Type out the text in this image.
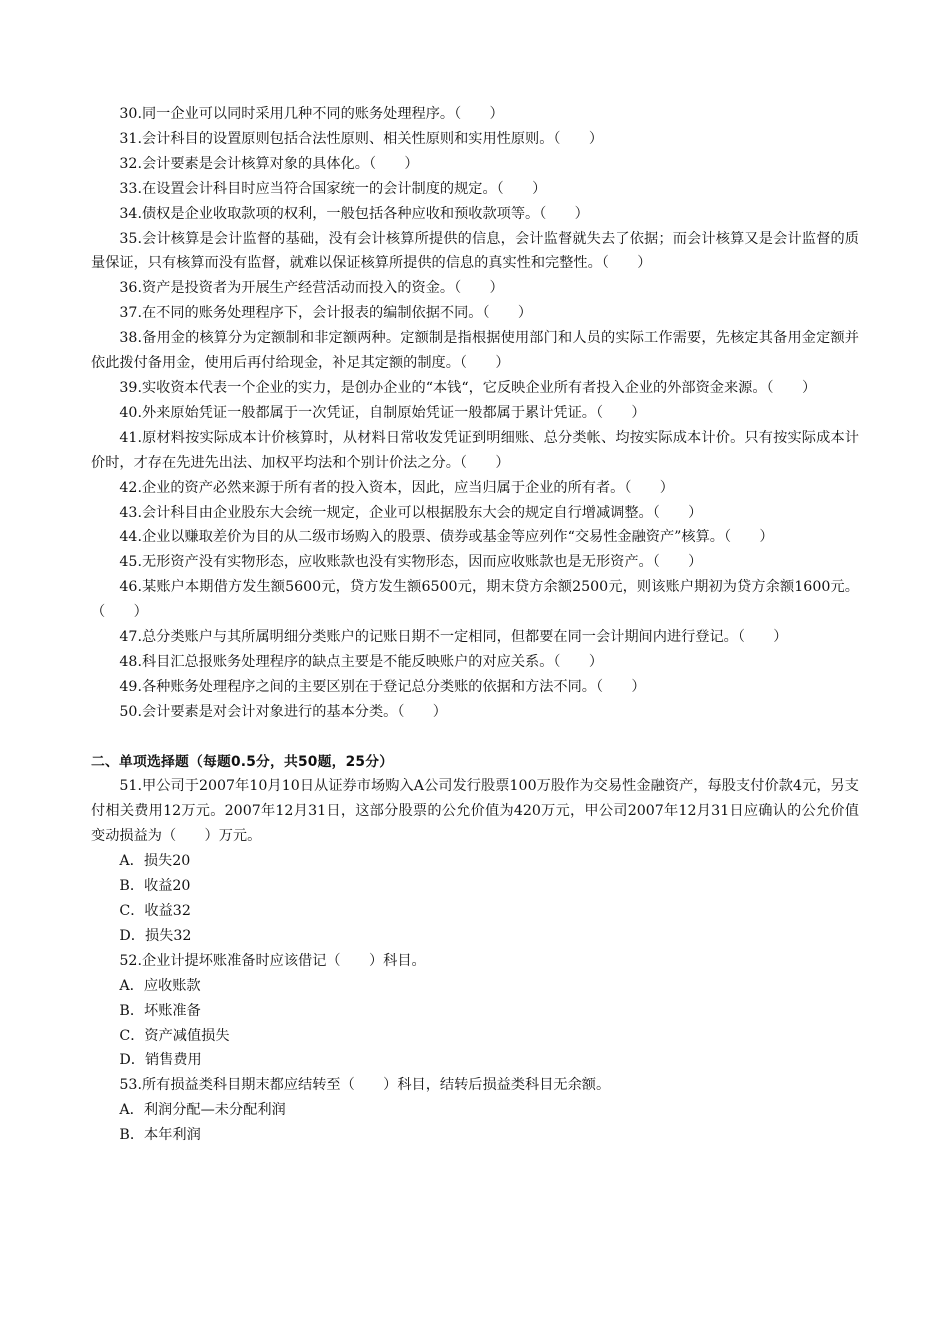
30.同一企业可以同时采用几种不同的账务处理程序。（　　）

31.会计科目的设置原则包括合法性原则、相关性原则和实用性原则。（　　）

32.会计要素是会计核算对象的具体化。（　　）

33.在设置会计科目时应当符合国家统一的会计制度的规定。（　　）

34.债权是企业收取款项的权利，一般包括各种应收和预收款项等。（　　）

35.会计核算是会计监督的基础，没有会计核算所提供的信息，会计监督就失去了依据；而会计核算又是会计监督的质量保证，只有核算而没有监督，就难以保证核算所提供的信息的真实性和完整性。（　　）

36.资产是投资者为开展生产经营活动而投入的资金。（　　）

37.在不同的账务处理程序下，会计报表的编制依据不同。（　　）

38.备用金的核算分为定额制和非定额两种。定额制是指根据使用部门和人员的实际工作需要，先核定其备用金定额并依此拨付备用金，使用后再付给现金，补足其定额的制度。（　　）

39.实收资本代表一个企业的实力，是创办企业的“本钱“，它反映企业所有者投入企业的外部资金来源。（　　）

40.外来原始凭证一般都属于一次凭证，自制原始凭证一般都属于累计凭证。（　　）

41.原材料按实际成本计价核算时，从材料日常收发凭证到明细账、总分类帐、均按实际成本计价。只有按实际成本计价时，才存在先进先出法、加权平均法和个别计价法之分。（　　）

42.企业的资产必然来源于所有者的投入资本，因此，应当归属于企业的所有者。（　　）

43.会计科目由企业股东大会统一规定，企业可以根据股东大会的规定自行增减调整。（　　）

44.企业以赚取差价为目的从二级市场购入的股票、债券或基金等应列作“交易性金融资产”核算。（　　）

45.无形资产没有实物形态，应收账款也没有实物形态，因而应收账款也是无形资产。（　　）

46.某账户本期借方发生额5600元，贷方发生额6500元，期末贷方余额2500元，则该账户期初为贷方余额1600元。（　　）

47.总分类账户与其所属明细分类账户的记账日期不一定相同，但都要在同一会计期间内进行登记。（　　）

48.科目汇总报账务处理程序的缺点主要是不能反映账户的对应关系。（　　）

49.各种账务处理程序之间的主要区别在于登记总分类账的依据和方法不同。（　　）

50.会计要素是对会计对象进行的基本分类。（　　）

二、单项选择题（每题0.5分，共50题，25分）

51.甲公司于2007年10月10日从证券市场购入A公司发行股票100万股作为交易性金融资产，每股支付价款4元，另支付相关费用12万元。2007年12月31日，这部分股票的公允价值为420万元，甲公司2007年12月31日应确认的公允价值变动损益为（　　）万元。

A．损失20

B．收益20

C．收益32

D．损失32

52.企业计提坏账准备时应该借记（　　）科目。

A．应收账款

B．坏账准备

C．资产减值损失

D．销售费用

53.所有损益类科目期末都应结转至（　　）科目，结转后损益类科目无余额。

A．利润分配—未分配利润

B．本年利润
